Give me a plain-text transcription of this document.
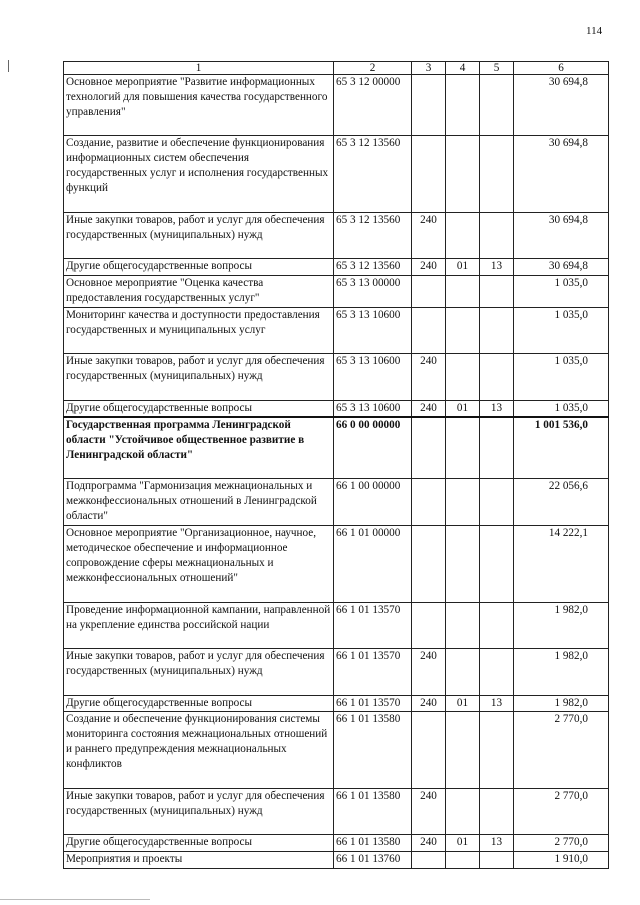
114
1	2	3	4	5	6
Основное мероприятие "Развитие информационных технологий для повышения качества государственного управления"	65 3 12 00000				30 694,8
Создание, развитие и обеспечение функционирования информационных систем обеспечения государственных услуг и исполнения государственных функций	65 3 12 13560				30 694,8
Иные закупки товаров, работ и услуг для обеспечения государственных (муниципальных) нужд	65 3 12 13560	240			30 694,8
Другие общегосударственные вопросы	65 3 12 13560	240	01	13	30 694,8
Основное мероприятие "Оценка качества предоставления государственных услуг"	65 3 13 00000				1 035,0
Мониторинг качества и доступности предоставления государственных и муниципальных услуг	65 3 13 10600				1 035,0
Иные закупки товаров, работ и услуг для обеспечения государственных (муниципальных) нужд	65 3 13 10600	240			1 035,0
Другие общегосударственные вопросы	65 3 13 10600	240	01	13	1 035,0
Государственная программа Ленинградской области "Устойчивое общественное развитие в Ленинградской области"	66 0 00 00000				1 001 536,0
Подпрограмма "Гармонизация межнациональных и межконфессиональных отношений в Ленинградской области"	66 1 00 00000				22 056,6
Основное мероприятие "Организационное, научное, методическое обеспечение и информационное сопровождение сферы межнациональных и межконфессиональных отношений"	66 1 01 00000				14 222,1
Проведение информационной кампании, направленной на укрепление единства российской нации	66 1 01 13570				1 982,0
Иные закупки товаров, работ и услуг для обеспечения государственных (муниципальных) нужд	66 1 01 13570	240			1 982,0
Другие общегосударственные вопросы	66 1 01 13570	240	01	13	1 982,0
Создание и обеспечение функционирования системы мониторинга состояния межнациональных отношений и раннего предупреждения межнациональных конфликтов	66 1 01 13580				2 770,0
Иные закупки товаров, работ и услуг для обеспечения государственных (муниципальных) нужд	66 1 01 13580	240			2 770,0
Другие общегосударственные вопросы	66 1 01 13580	240	01	13	2 770,0
Мероприятия и проекты	66 1 01 13760				1 910,0
